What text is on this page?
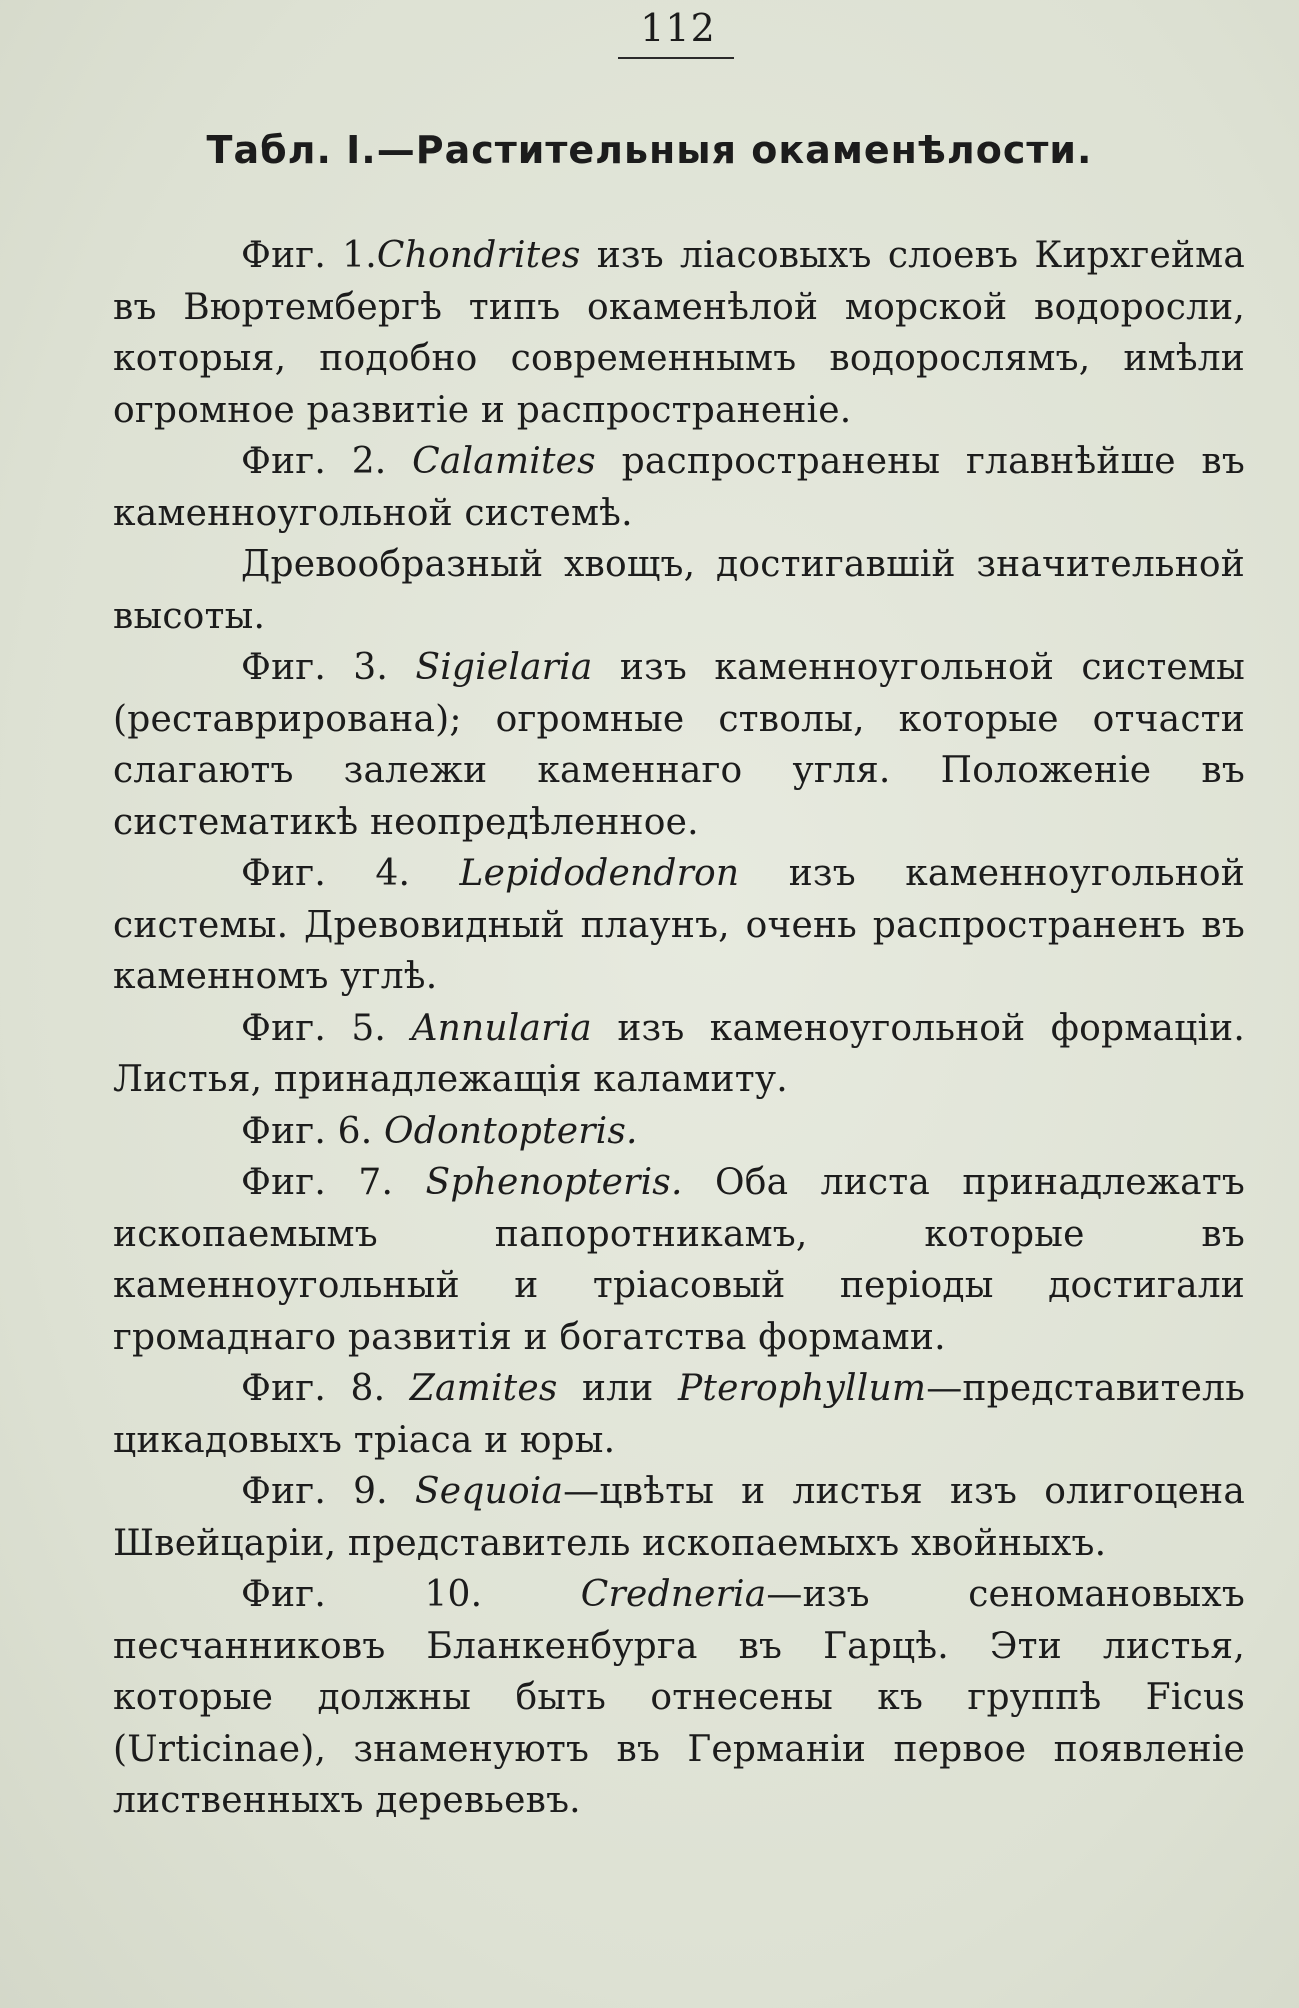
112
Табл. I.—Растительныя окаменѣлости.

Фиг. 1.Chondrites изъ ліасовыхъ слоевъ Кирхгейма въ Вюртембергѣ типъ окаменѣлой морской водоросли, которыя, подобно современнымъ водорослямъ, имѣли огромное развитіе и распространеніе.

Фиг. 2. Calamites распространены главнѣйше въ каменноугольной системѣ.

Древообразный хвощъ, достигавшій значительной высоты.

Фиг. 3. Sigielaria изъ каменноугольной системы (реставрирована); огромные стволы, которые отчасти слагаютъ залежи каменнаго угля. Положеніе въ систематикѣ неопредѣленное.

Фиг. 4. Lepidodendron изъ каменноугольной системы. Древовидный плаунъ, очень распространенъ въ каменномъ углѣ.

Фиг. 5. Annularia изъ каменоугольной формаціи. Листья, принадлежащія каламиту.

Фиг. 6. Odontopteris.

Фиг. 7. Sphenopteris. Оба листа принадлежатъ ископаемымъ папоротникамъ, которые въ каменноугольный и тріасовый періоды достигали громаднаго развитія и богатства формами.

Фиг. 8. Zamites или Pterophyllum—представитель цикадовыхъ тріаса и юры.

Фиг. 9. Sequoia—цвѣты и листья изъ олигоцена Швейцаріи, представитель ископаемыхъ хвойныхъ.

Фиг. 10.	Credneria—изъ сеномановыхъ песчанниковъ Бланкенбурга въ Гарцѣ. Эти листья, которые должны быть отнесены къ группѣ Ficus (Urticinae), знаменуютъ въ Германіи первое появленіе лиственныхъ деревьевъ.
